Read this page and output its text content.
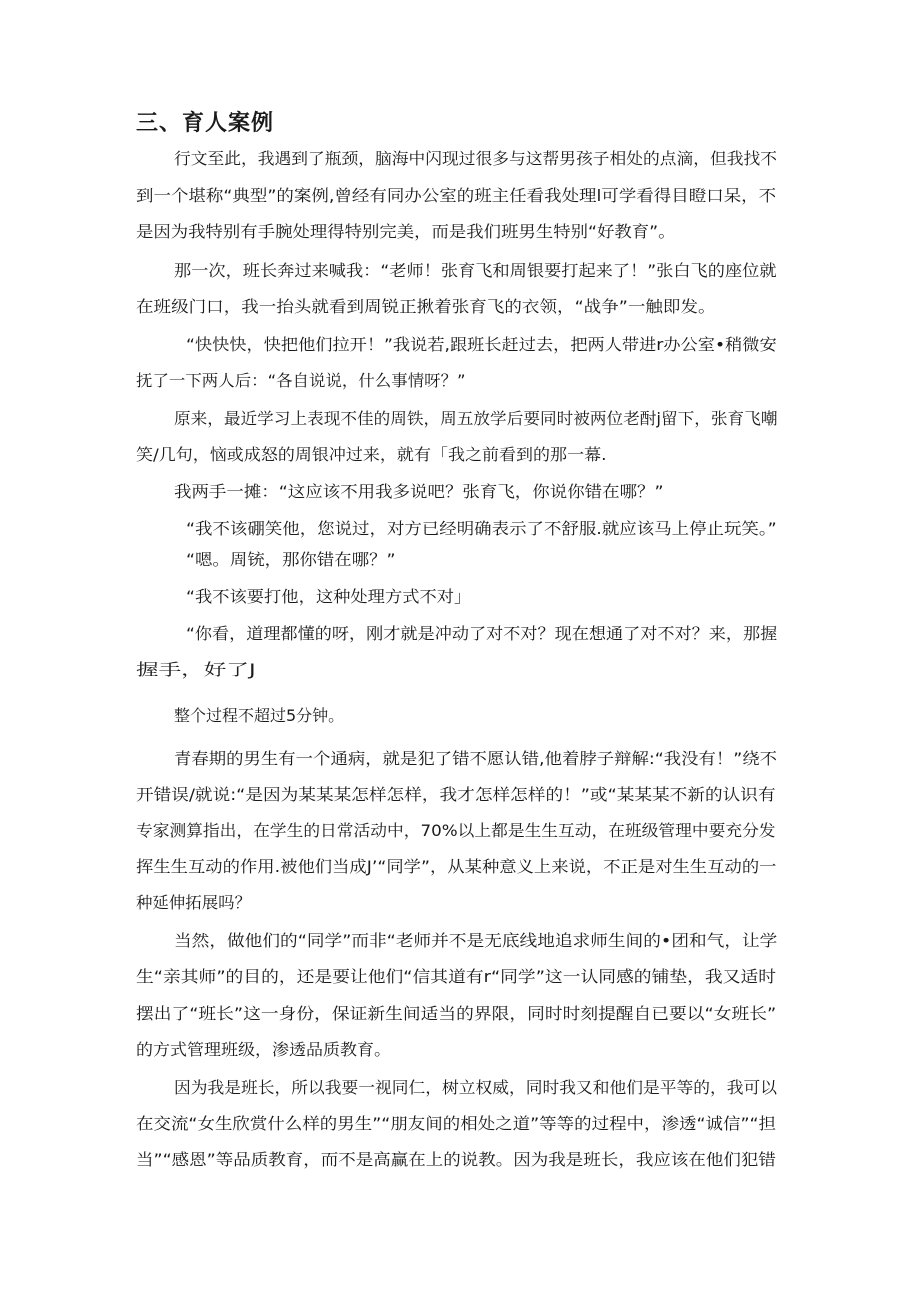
三、育人案例
行文至此，我遇到了瓶颈，脑海中闪现过很多与这帮男孩子相处的点滴，但我找不
到一个堪称“典型”的案例,曾经有同办公室的班主任看我处理l可学看得目瞪口呆，不
是因为我特别有手腕处理得特别完美，而是我们班男生特别“好教育”。
那一次，班长奔过来喊我：“老师！张育飞和周银要打起来了！”张白飞的座位就
在班级门口，我一抬头就看到周锐正揪着张育飞的衣领，“战争”一触即发。
“快快快，快把他们拉开！”我说若,跟班长赶过去，把两人带进r办公室•稍微安
抚了一下两人后：“各自说说，什么事情呀？”
原来，最近学习上表现不佳的周铁，周五放学后要同时被两位老酎j留下，张育飞嘲
笑/几句，恼或成怒的周银冲过来，就有「我之前看到的那一幕.
我两手一摊：“这应该不用我多说吧？张育飞，你说你错在哪？”
“我不该硼笑他，您说过，对方已经明确表示了不舒服.就应该马上停止玩笑。”
“嗯。周铳，那你错在哪？”
“我不该要打他，这种处理方式不对」
“你看，道理都懂的呀，刚才就是冲动了对不对？现在想通了对不对？来，那握
握手，好了J
整个过程不超过5分钟。
青春期的男生有一个通病，就是犯了错不愿认错,他着脖子辩解:“我没有！”绕不
开错误/就说:“是因为某某某怎样怎样，我才怎样怎样的！”或“某某某不新的认识有
专家测算指出，在学生的日常活动中，70%以上都是生生互动，在班级管理中要充分发
挥生生互动的作用.被他们当成J’“同学”，从某种意义上来说，不正是对生生互动的一
种延伸拓展吗？
当然，做他们的“同学”而非“老师并不是无底线地追求师生间的•团和气，让学
生“亲其师”的目的，还是要让他们“信其道有r“同学”这一认同感的铺垫，我又适时
摆出了“班长”这一身份，保证新生间适当的界限，同时时刻提醒自已要以“女班长”
的方式管理班级，渗透品质教育。
因为我是班长，所以我要一视同仁，树立权威，同时我又和他们是平等的，我可以
在交流“女生欣赏什么样的男生”“朋友间的相处之道”等等的过程中，渗透“诚信”“担
当”“感恩”等品质教育，而不是高赢在上的说教。因为我是班长，我应该在他们犯错
